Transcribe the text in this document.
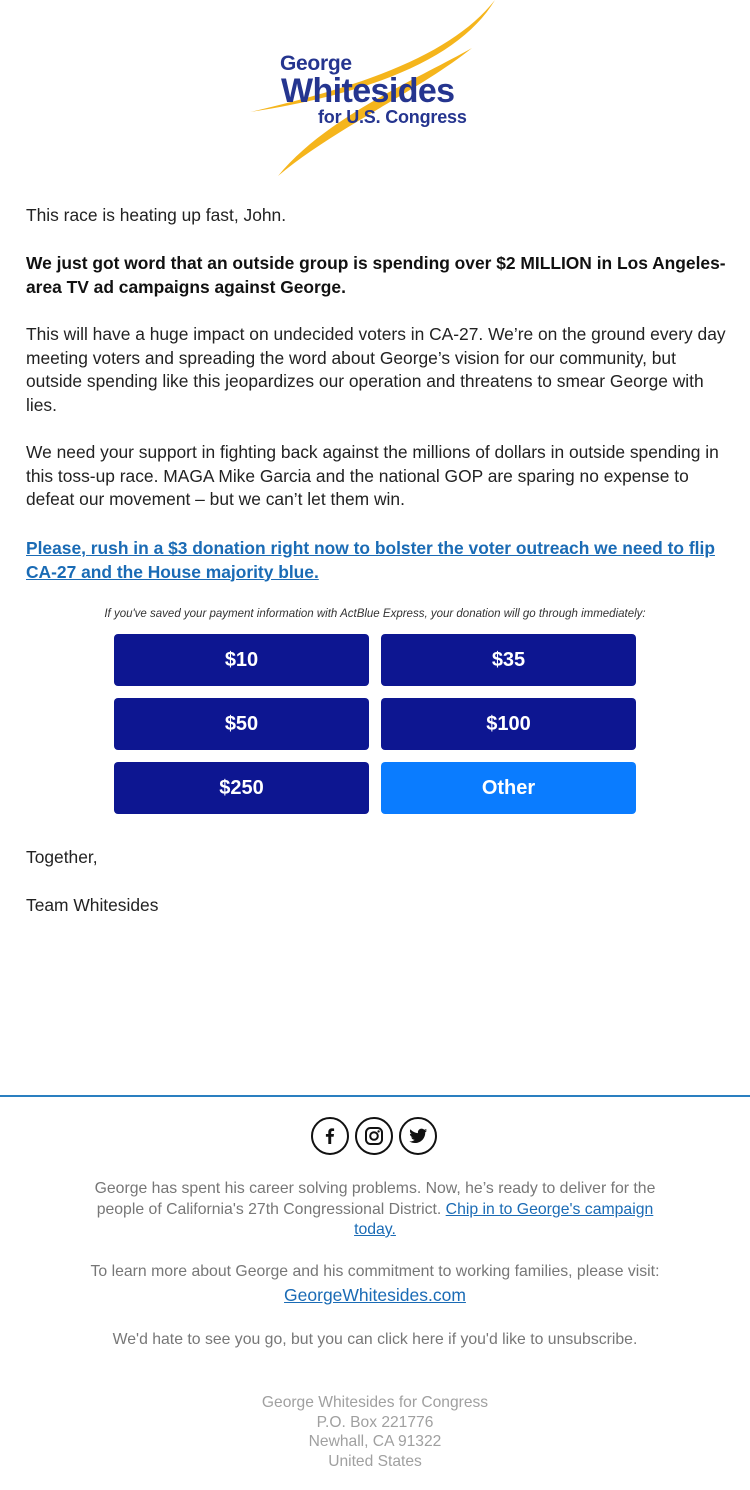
George
Whitesides
for U.S. Congress

This race is heating up fast, John.

We just got word that an outside group is spending over $2 MILLION in Los Angeles-area TV ad campaigns against George.

This will have a huge impact on undecided voters in CA-27. We’re on the ground every day meeting voters and spreading the word about George’s vision for our community, but outside spending like this jeopardizes our operation and threatens to smear George with lies.

We need your support in fighting back against the millions of dollars in outside spending in this toss-up race. MAGA Mike Garcia and the national GOP are sparing no expense to defeat our movement – but we can’t let them win.

Please, rush in a $3 donation right now to bolster the voter outreach we need to flip CA-27 and the House majority blue.

If you've saved your payment information with ActBlue Express, your donation will go through immediately:
$10	$35
$50	$100
$250	Other

Together,

Team Whitesides

George has spent his career solving problems. Now, he’s ready to deliver for the people of California's 27th Congressional District. Chip in to George's campaign today.

To learn more about George and his commitment to working families, please visit:
GeorgeWhitesides.com

We'd hate to see you go, but you can click here if you'd like to unsubscribe.

George Whitesides for Congress
P.O. Box 221776
Newhall, CA 91322
United States
